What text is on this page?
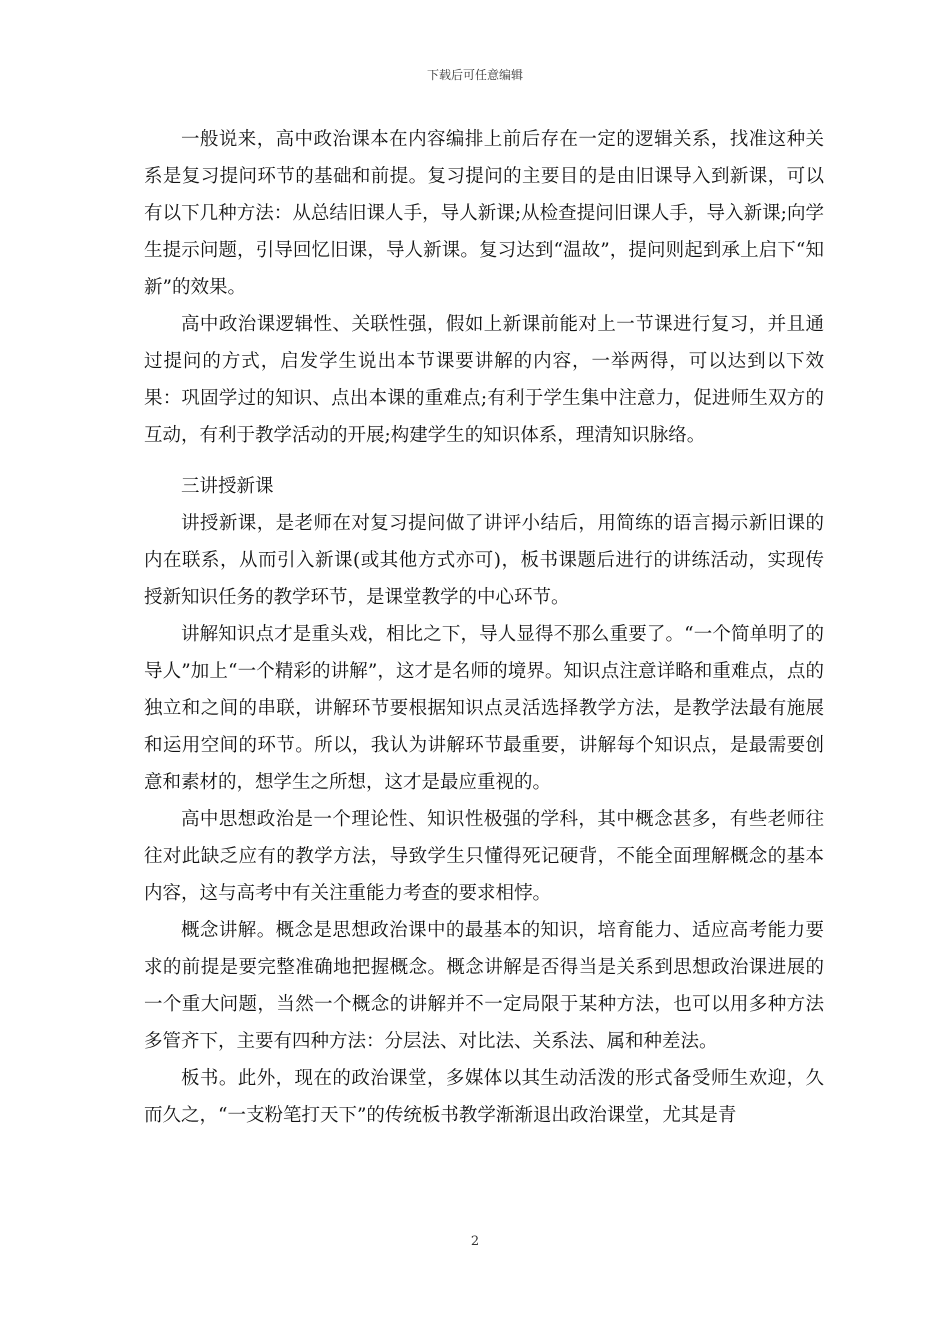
下载后可任意编辑

一般说来，高中政治课本在内容编排上前后存在一定的逻辑关系，找准这种关系是复习提问环节的基础和前提。复习提问的主要目的是由旧课导入到新课，可以有以下几种方法：从总结旧课人手，导人新课;从检查提问旧课人手，导入新课;向学生提示问题，引导回忆旧课，导人新课。复习达到“温故”，提问则起到承上启下“知新”的效果。

高中政治课逻辑性、关联性强，假如上新课前能对上一节课进行复习，并且通过提问的方式，启发学生说出本节课要讲解的内容，一举两得，可以达到以下效果：巩固学过的知识、点出本课的重难点;有利于学生集中注意力，促进师生双方的互动，有利于教学活动的开展;构建学生的知识体系，理清知识脉络。

三讲授新课

讲授新课，是老师在对复习提问做了讲评小结后，用简练的语言揭示新旧课的内在联系，从而引入新课(或其他方式亦可)，板书课题后进行的讲练活动，实现传授新知识任务的教学环节，是课堂教学的中心环节。

讲解知识点才是重头戏，相比之下，导人显得不那么重要了。“一个简单明了的导人”加上“一个精彩的讲解”，这才是名师的境界。知识点注意详略和重难点，点的独立和之间的串联，讲解环节要根据知识点灵活选择教学方法，是教学法最有施展和运用空间的环节。所以，我认为讲解环节最重要，讲解每个知识点，是最需要创意和素材的，想学生之所想，这才是最应重视的。

高中思想政治是一个理论性、知识性极强的学科，其中概念甚多，有些老师往往对此缺乏应有的教学方法，导致学生只懂得死记硬背，不能全面理解概念的基本内容，这与高考中有关注重能力考查的要求相悖。

概念讲解。概念是思想政治课中的最基本的知识，培育能力、适应高考能力要求的前提是要完整准确地把握概念。概念讲解是否得当是关系到思想政治课进展的一个重大问题，当然一个概念的讲解并不一定局限于某种方法，也可以用多种方法多管齐下，主要有四种方法：分层法、对比法、关系法、属和种差法。

板书。此外，现在的政治课堂，多媒体以其生动活泼的形式备受师生欢迎，久而久之，“一支粉笔打天下”的传统板书教学渐渐退出政治课堂，尤其是青

2
